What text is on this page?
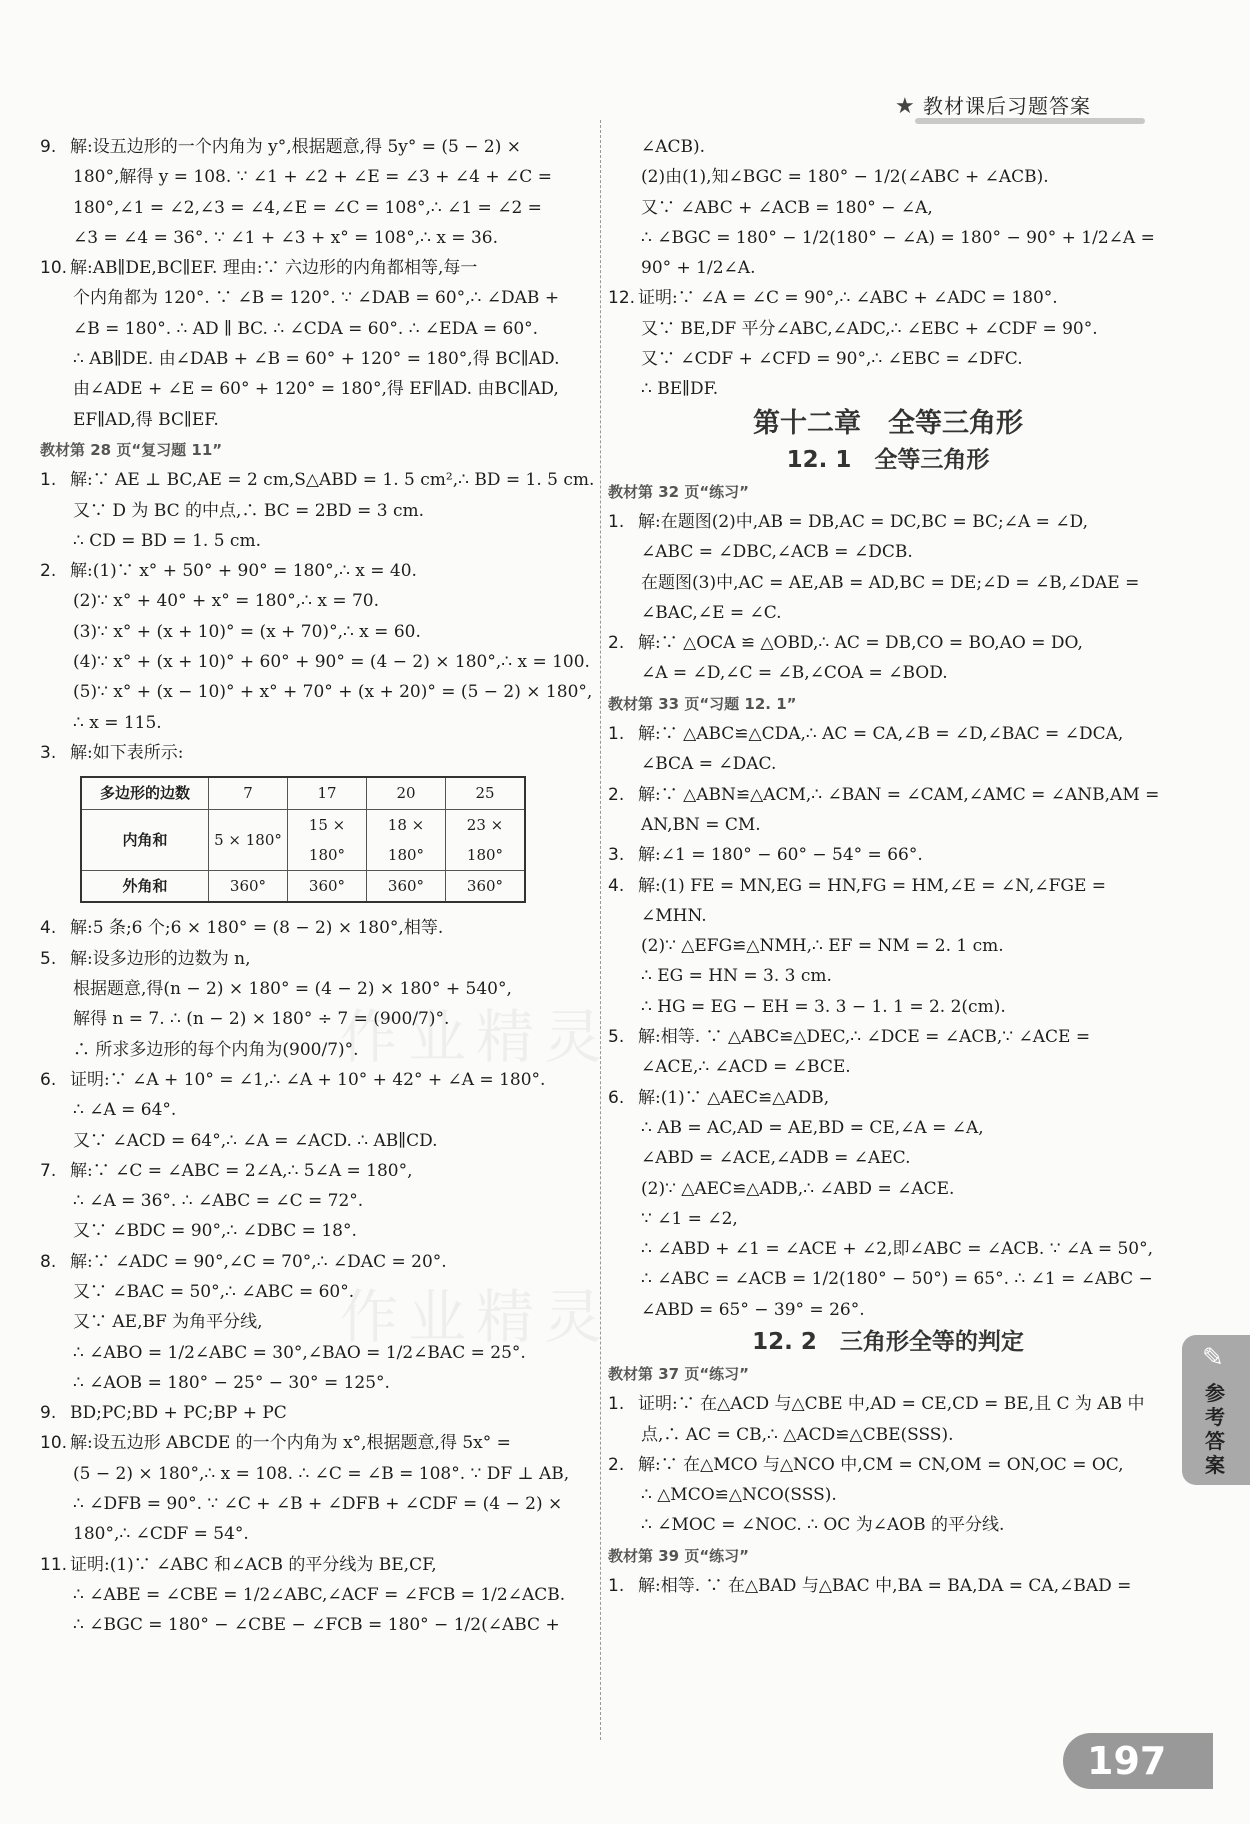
★ 教材课后习题答案
9. 解:设五边形的一个内角为 y°,根据题意,得 5y° = (5 − 2) ×
180°,解得 y = 108. ∵ ∠1 + ∠2 + ∠E = ∠3 + ∠4 + ∠C =
180°,∠1 = ∠2,∠3 = ∠4,∠E = ∠C = 108°,∴ ∠1 = ∠2 =
∠3 = ∠4 = 36°. ∵ ∠1 + ∠3 + x° = 108°,∴ x = 36.
10. 解:AB∥DE,BC∥EF. 理由:∵ 六边形的内角都相等,每一
个内角都为 120°. ∵ ∠B = 120°. ∵ ∠DAB = 60°,∴ ∠DAB +
∠B = 180°. ∴ AD ∥ BC. ∴ ∠CDA = 60°. ∴ ∠EDA = 60°.
∴ AB∥DE. 由∠DAB + ∠B = 60° + 120° = 180°,得 BC∥AD.
由∠ADE + ∠E = 60° + 120° = 180°,得 EF∥AD. 由BC∥AD,
EF∥AD,得 BC∥EF.
教材第 28 页“复习题 11”
1. 解:∵ AE ⊥ BC,AE = 2 cm,S△ABD = 1. 5 cm²,∴ BD = 1. 5 cm.
又∵ D 为 BC 的中点,∴ BC = 2BD = 3 cm.
∴ CD = BD = 1. 5 cm.
2. 解:(1)∵ x° + 50° + 90° = 180°,∴ x = 40.
(2)∵ x° + 40° + x° = 180°,∴ x = 70.
(3)∵ x° + (x + 10)° = (x + 70)°,∴ x = 60.
(4)∵ x° + (x + 10)° + 60° + 90° = (4 − 2) × 180°,∴ x = 100.
(5)∵ x° + (x − 10)° + x° + 70° + (x + 20)° = (5 − 2) × 180°,
∴ x = 115.
3. 解:如下表所示:
多边形的边数	7	17	20	25
内角和	5 × 180°	15 × 180°	18 × 180°	23 × 180°
外角和	360°	360°	360°	360°
4. 解:5 条;6 个;6 × 180° = (8 − 2) × 180°,相等.
5. 解:设多边形的边数为 n,
根据题意,得(n − 2) × 180° = (4 − 2) × 180° + 540°,
解得 n = 7. ∴ (n − 2) × 180° ÷ 7 = (900/7)°.
∴ 所求多边形的每个内角为(900/7)°.
6. 证明:∵ ∠A + 10° = ∠1,∴ ∠A + 10° + 42° + ∠A = 180°.
∴ ∠A = 64°.
又∵ ∠ACD = 64°,∴ ∠A = ∠ACD. ∴ AB∥CD.
7. 解:∵ ∠C = ∠ABC = 2∠A,∴ 5∠A = 180°,
∴ ∠A = 36°. ∴ ∠ABC = ∠C = 72°.
又∵ ∠BDC = 90°,∴ ∠DBC = 18°.
8. 解:∵ ∠ADC = 90°,∠C = 70°,∴ ∠DAC = 20°.
又∵ ∠BAC = 50°,∴ ∠ABC = 60°.
又∵ AE,BF 为角平分线,
∴ ∠ABO = 1/2∠ABC = 30°,∠BAO = 1/2∠BAC = 25°.
∴ ∠AOB = 180° − 25° − 30° = 125°.
9. BD;PC;BD + PC;BP + PC
10. 解:设五边形 ABCDE 的一个内角为 x°,根据题意,得 5x° =
(5 − 2) × 180°,∴ x = 108. ∴ ∠C = ∠B = 108°. ∵ DF ⊥ AB,
∴ ∠DFB = 90°. ∵ ∠C + ∠B + ∠DFB + ∠CDF = (4 − 2) ×
180°,∴ ∠CDF = 54°.
11. 证明:(1)∵ ∠ABC 和∠ACB 的平分线为 BE,CF,
∴ ∠ABE = ∠CBE = 1/2∠ABC,∠ACF = ∠FCB = 1/2∠ACB.
∴ ∠BGC = 180° − ∠CBE − ∠FCB = 180° − 1/2(∠ABC +
∠ACB).
(2)由(1),知∠BGC = 180° − 1/2(∠ABC + ∠ACB).
又∵ ∠ABC + ∠ACB = 180° − ∠A,
∴ ∠BGC = 180° − 1/2(180° − ∠A) = 180° − 90° + 1/2∠A =
90° + 1/2∠A.
12. 证明:∵ ∠A = ∠C = 90°,∴ ∠ABC + ∠ADC = 180°.
又∵ BE,DF 平分∠ABC,∠ADC,∴ ∠EBC + ∠CDF = 90°.
又∵ ∠CDF + ∠CFD = 90°,∴ ∠EBC = ∠DFC.
∴ BE∥DF.
第十二章　全等三角形
12. 1　全等三角形
教材第 32 页“练习”
1. 解:在题图(2)中,AB = DB,AC = DC,BC = BC;∠A = ∠D,
∠ABC = ∠DBC,∠ACB = ∠DCB.
在题图(3)中,AC = AE,AB = AD,BC = DE;∠D = ∠B,∠DAE =
∠BAC,∠E = ∠C.
2. 解:∵ △OCA ≌ △OBD,∴ AC = DB,CO = BO,AO = DO,
∠A = ∠D,∠C = ∠B,∠COA = ∠BOD.
教材第 33 页“习题 12. 1”
1. 解:∵ △ABC≌△CDA,∴ AC = CA,∠B = ∠D,∠BAC = ∠DCA,
∠BCA = ∠DAC.
2. 解:∵ △ABN≌△ACM,∴ ∠BAN = ∠CAM,∠AMC = ∠ANB,AM =
AN,BN = CM.
3. 解:∠1 = 180° − 60° − 54° = 66°.
4. 解:(1) FE = MN,EG = HN,FG = HM,∠E = ∠N,∠FGE =
∠MHN.
(2)∵ △EFG≌△NMH,∴ EF = NM = 2. 1 cm.
∴ EG = HN = 3. 3 cm.
∴ HG = EG − EH = 3. 3 − 1. 1 = 2. 2(cm).
5. 解:相等. ∵ △ABC≌△DEC,∴ ∠DCE = ∠ACB,∵ ∠ACE =
∠ACE,∴ ∠ACD = ∠BCE.
6. 解:(1)∵ △AEC≌△ADB,
∴ AB = AC,AD = AE,BD = CE,∠A = ∠A,
∠ABD = ∠ACE,∠ADB = ∠AEC.
(2)∵ △AEC≌△ADB,∴ ∠ABD = ∠ACE.
∵ ∠1 = ∠2,
∴ ∠ABD + ∠1 = ∠ACE + ∠2,即∠ABC = ∠ACB. ∵ ∠A = 50°,
∴ ∠ABC = ∠ACB = 1/2(180° − 50°) = 65°. ∴ ∠1 = ∠ABC −
∠ABD = 65° − 39° = 26°.
12. 2　三角形全等的判定
教材第 37 页“练习”
1. 证明:∵ 在△ACD 与△CBE 中,AD = CE,CD = BE,且 C 为 AB 中
点,∴ AC = CB,∴ △ACD≌△CBE(SSS).
2. 解:∵ 在△MCO 与△NCO 中,CM = CN,OM = ON,OC = OC,
∴ △MCO≌△NCO(SSS).
∴ ∠MOC = ∠NOC. ∴ OC 为∠AOB 的平分线.
教材第 39 页“练习”
1. 解:相等. ∵ 在△BAD 与△BAC 中,BA = BA,DA = CA,∠BAD =
作业精灵
作业精灵
✎
参考答案
197
